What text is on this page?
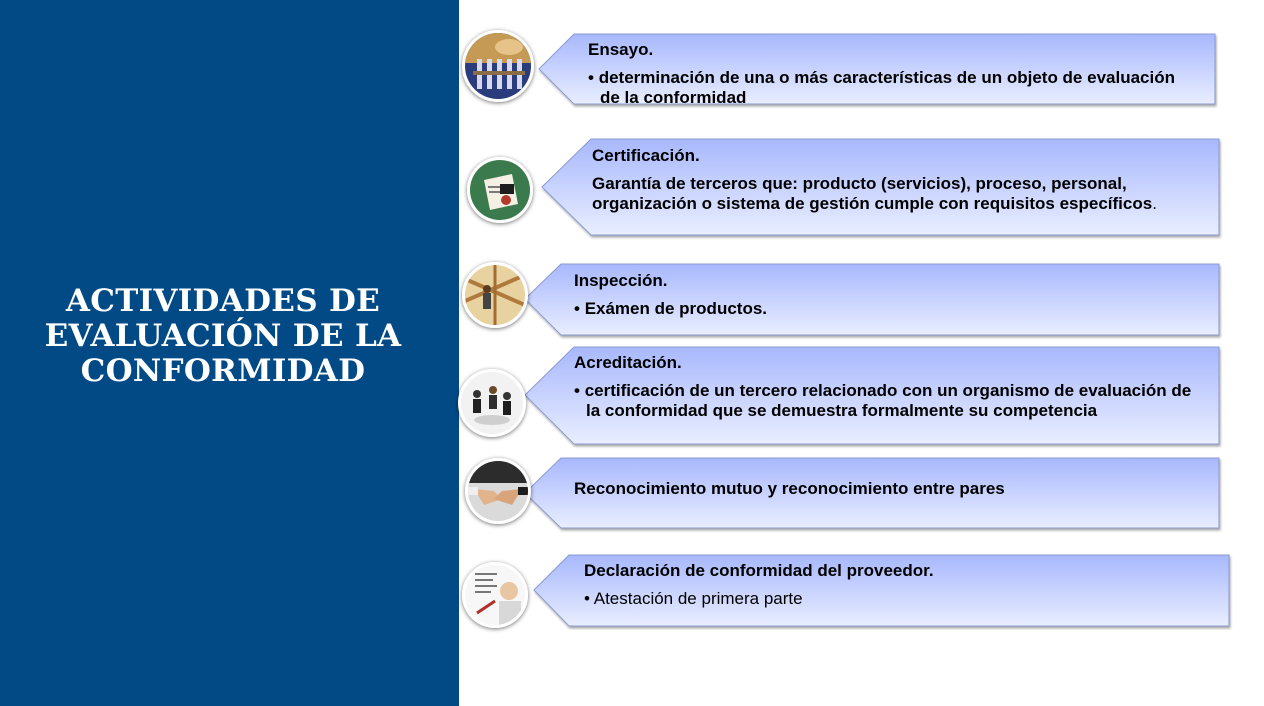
ACTIVIDADES DE EVALUACIÓN DE LA CONFORMIDAD
Ensayo.
• determinación de una o más características de un objeto de evaluación de la conformidad
Certificación.
Garantía de terceros que: producto (servicios), proceso, personal, organización o sistema de gestión cumple con requisitos específicos.
Inspección.
• Exámen de productos.
Acreditación.
• certificación de un tercero relacionado con un organismo de evaluación de la conformidad que se demuestra formalmente su competencia
Reconocimiento mutuo y reconocimiento entre pares
Declaración de conformidad del proveedor.
• Atestación de primera parte
